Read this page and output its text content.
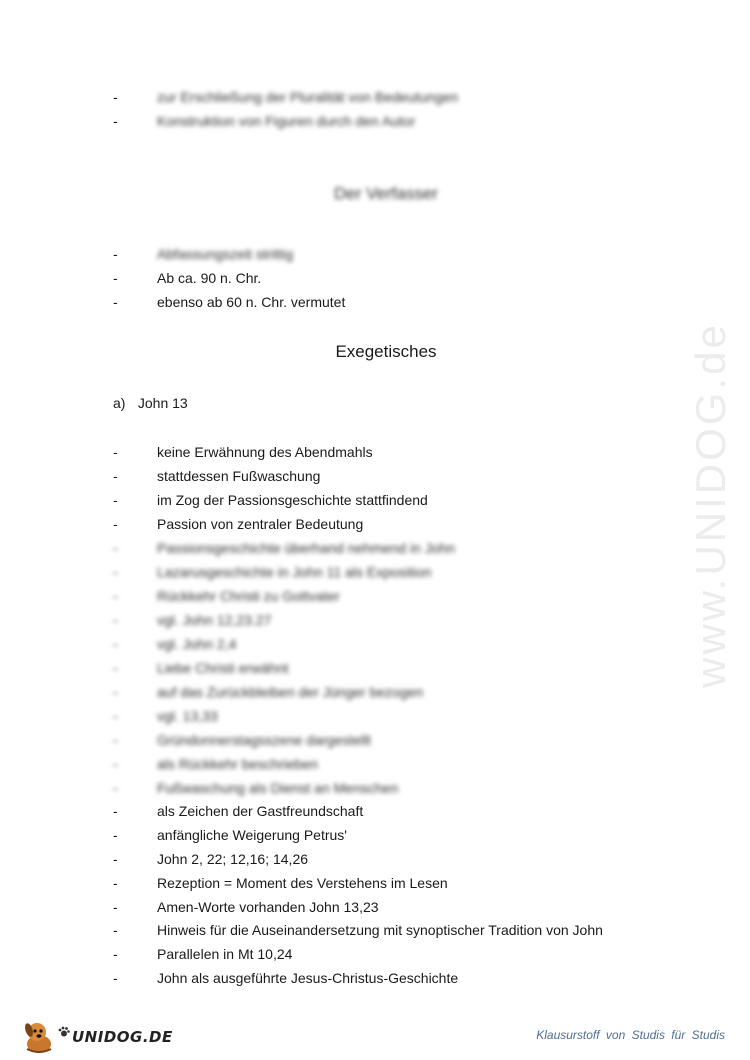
www.UNIDOG.de
-	zur Erschließung der Pluralität von Bedeutungen
-	Konstruktion von Figuren durch den Autor
Der Verfasser
-	Abfassungszeit strittig
-	Ab ca. 90 n. Chr.
-	ebenso ab 60 n. Chr. vermutet
Exegetisches
a) John 13
-	keine Erwähnung des Abendmahls
-	stattdessen Fußwaschung
-	im Zog der Passionsgeschichte stattfindend
-	Passion von zentraler Bedeutung
-	Passionsgeschichte überhand nehmend in John
-	Lazarusgeschichte in John 11 als Exposition
-	Rückkehr Christi zu Gottvater
-	vgl. John 12,23.27
-	vgl. John 2,4
-	Liebe Christi erwähnt
-	auf das Zurückbleiben der Jünger bezogen
-	vgl. 13,33
-	Gründonnerstagsszene dargestellt
-	als Rückkehr beschrieben
-	Fußwaschung als Dienst an Menschen
-	als Zeichen der Gastfreundschaft
-	anfängliche Weigerung Petrus'
-	John 2, 22; 12,16; 14,26
-	Rezeption = Moment des Verstehens im Lesen
-	Amen-Worte vorhanden John 13,23
-	Hinweis für die Auseinandersetzung mit synoptischer Tradition von John
-	Parallelen in Mt 10,24
-	John als ausgeführte Jesus-Christus-Geschichte
UNIDOG.DE	Klausurstoff von Studis für Studis
